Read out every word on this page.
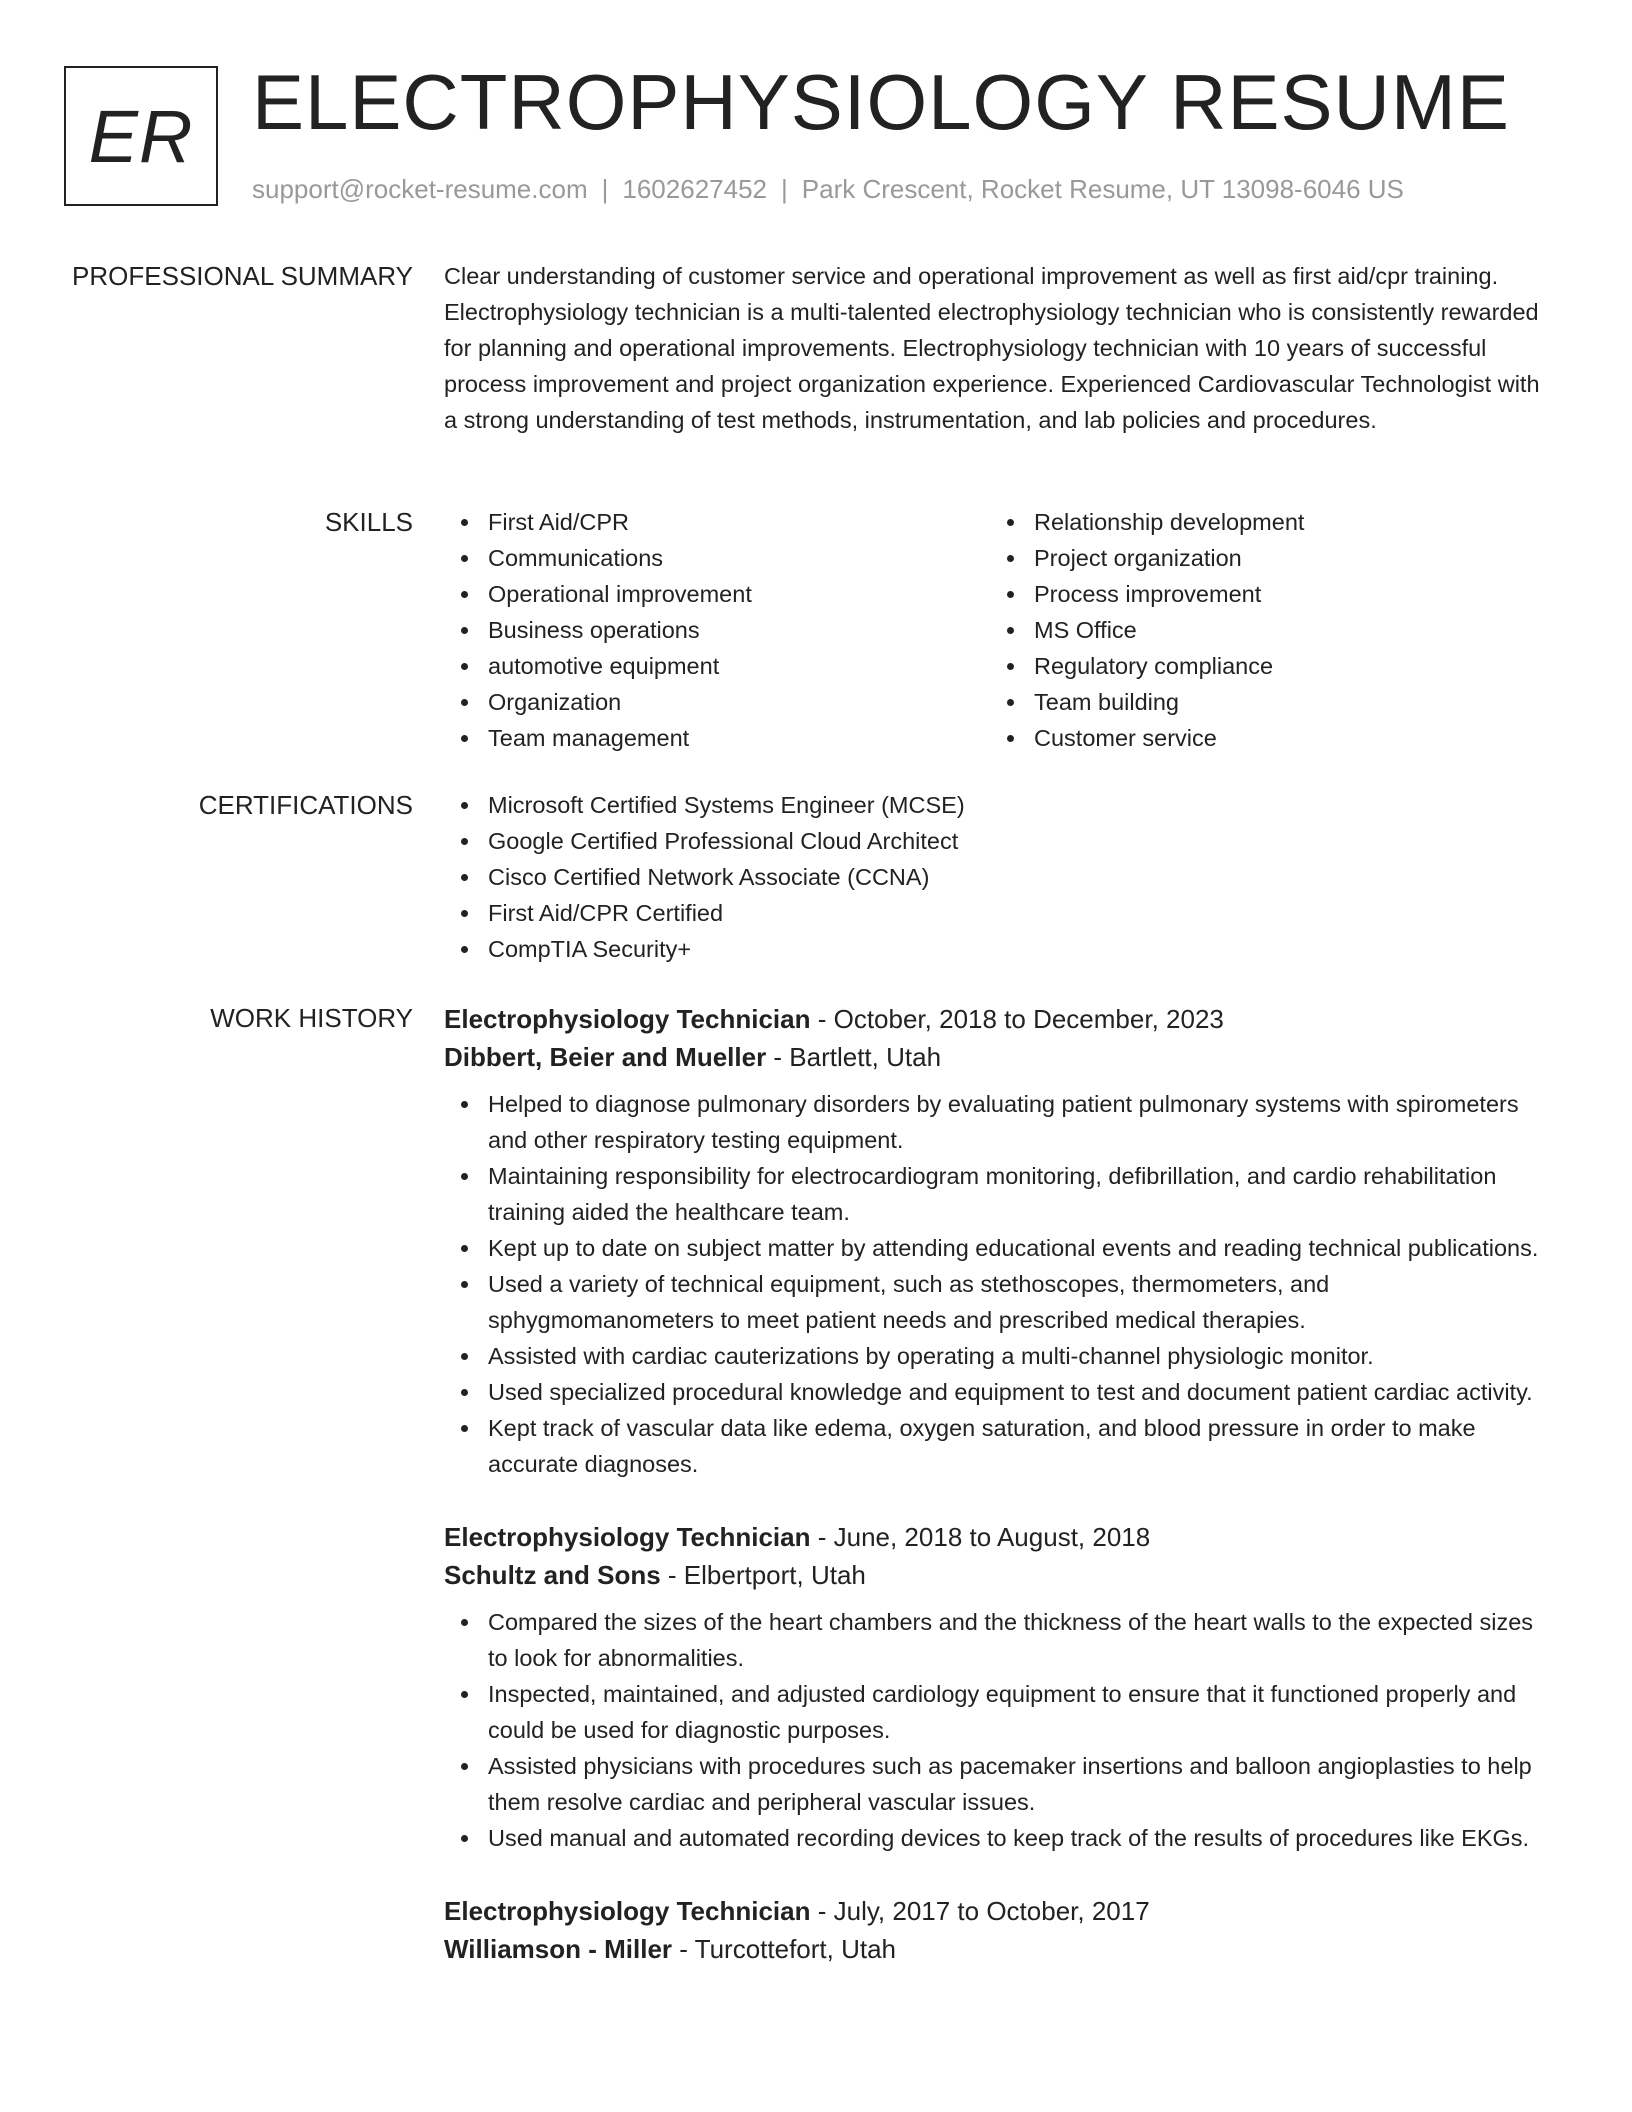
ER ELECTROPHYSIOLOGY RESUME
support@rocket-resume.com | 1602627452 | Park Crescent, Rocket Resume, UT 13098-6046 US
PROFESSIONAL SUMMARY Clear understanding of customer service and operational improvement as well as first aid/cpr training. Electrophysiology technician is a multi-talented electrophysiology technician who is consistently rewarded for planning and operational improvements. Electrophysiology technician with 10 years of successful process improvement and project organization experience. Experienced Cardiovascular Technologist with a strong understanding of test methods, instrumentation, and lab policies and procedures.
SKILLS	First Aid/CPR
Communications
Operational improvement
Business operations
automotive equipment
Organization
Team management
Relationship development
Project organization
Process improvement
MS Office
Regulatory compliance
Team building
Customer service
CERTIFICATIONS	Microsoft Certified Systems Engineer (MCSE)
Google Certified Professional Cloud Architect
Cisco Certified Network Associate (CCNA)
First Aid/CPR Certified
CompTIA Security+
WORK HISTORY Electrophysiology Technician - October, 2018 to December, 2023
Dibbert, Beier and Mueller - Bartlett, Utah
Helped to diagnose pulmonary disorders by evaluating patient pulmonary systems with spirometers and other respiratory testing equipment.
Maintaining responsibility for electrocardiogram monitoring, defibrillation, and cardio rehabilitation training aided the healthcare team.
Kept up to date on subject matter by attending educational events and reading technical publications.
Used a variety of technical equipment, such as stethoscopes, thermometers, and sphygmomanometers to meet patient needs and prescribed medical therapies.
Assisted with cardiac cauterizations by operating a multi-channel physiologic monitor.
Used specialized procedural knowledge and equipment to test and document patient cardiac activity.
Kept track of vascular data like edema, oxygen saturation, and blood pressure in order to make accurate diagnoses.
Electrophysiology Technician - June, 2018 to August, 2018
Schultz and Sons - Elbertport, Utah
Compared the sizes of the heart chambers and the thickness of the heart walls to the expected sizes to look for abnormalities.
Inspected, maintained, and adjusted cardiology equipment to ensure that it functioned properly and could be used for diagnostic purposes.
Assisted physicians with procedures such as pacemaker insertions and balloon angioplasties to help them resolve cardiac and peripheral vascular issues.
Used manual and automated recording devices to keep track of the results of procedures like EKGs.
Electrophysiology Technician - July, 2017 to October, 2017
Williamson - Miller - Turcottefort, Utah
